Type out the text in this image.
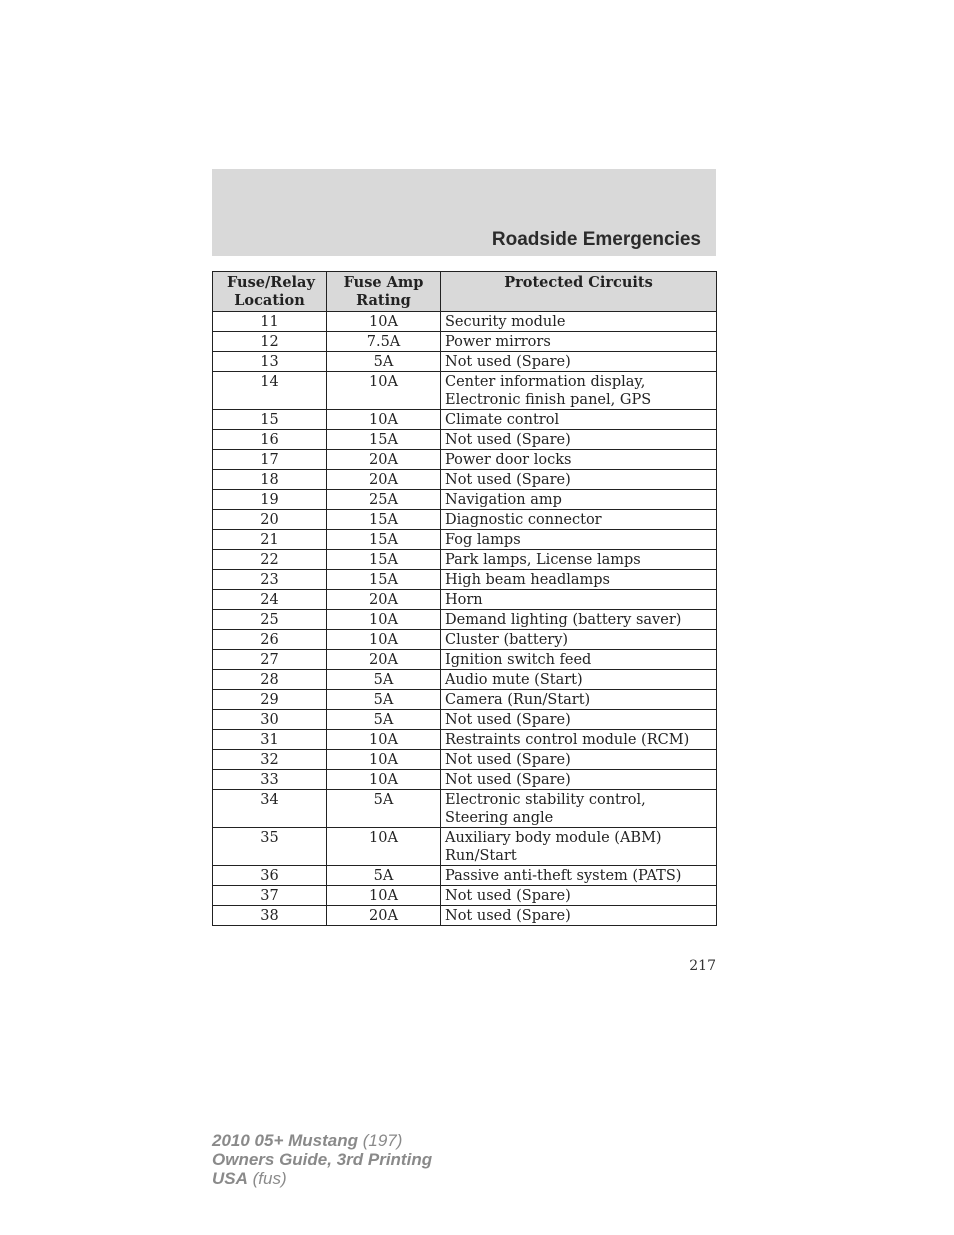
Roadside Emergencies
Fuse/Relay Location	Fuse Amp Rating	Protected Circuits
11	10A	Security module
12	7.5A	Power mirrors
13	5A	Not used (Spare)
14	10A	Center information display, Electronic finish panel, GPS
15	10A	Climate control
16	15A	Not used (Spare)
17	20A	Power door locks
18	20A	Not used (Spare)
19	25A	Navigation amp
20	15A	Diagnostic connector
21	15A	Fog lamps
22	15A	Park lamps, License lamps
23	15A	High beam headlamps
24	20A	Horn
25	10A	Demand lighting (battery saver)
26	10A	Cluster (battery)
27	20A	Ignition switch feed
28	5A	Audio mute (Start)
29	5A	Camera (Run/Start)
30	5A	Not used (Spare)
31	10A	Restraints control module (RCM)
32	10A	Not used (Spare)
33	10A	Not used (Spare)
34	5A	Electronic stability control, Steering angle
35	10A	Auxiliary body module (ABM) Run/Start
36	5A	Passive anti-theft system (PATS)
37	10A	Not used (Spare)
38	20A	Not used (Spare)
217
2010 05+ Mustang (197)
Owners Guide, 3rd Printing
USA (fus)
